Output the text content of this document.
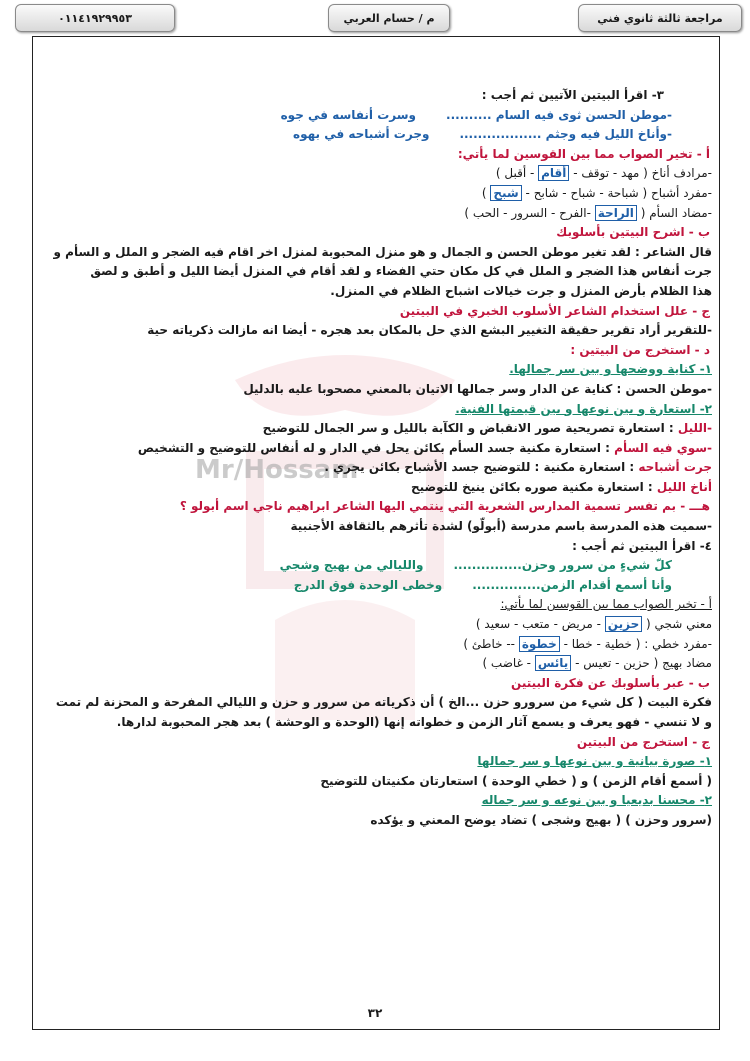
مراجعة ثالثة ثانوي فني
م / حسام العربي
٠١١٤١٩٢٩٩٥٣
Mr/Hossam
٣- اقرأ البيتين الآتيين ثم أجب :
-موطن الحسن ثوى فيه السام ..........وسرت أنفاسه في جوه
-وأناخ الليل فيه وجثم ..................وجرت أشباحه في بهوه
أ - تخير الصواب مما بين القوسين لما يأتي:
-مرادف أناخ ( مهد - توقف - أقام - أقبل )
-مفرد أشباح ( شباحة - شباح - شابح - شبح )
-مضاد السأم ( الراحة -الفرح - السرور - الحب )
ب - اشرح البيتين بأسلوبك
قال الشاعر : لقد تغير موطن الحسن و الجمال و هو منزل المحبوبة لمنزل اخر اقام فيه الضجر و الملل و السأم و
جرت أنفاس هذا الضجر و الملل في كل مكان حتي الفضاء و لقد أقام في المنزل أيضا الليل و أطبق و لصق
هذا الظلام بأرض المنزل و جرت خيالات اشباح الظلام في المنزل.
ج - علل استخدام الشاعر الأسلوب الخبري في البيتين
-للتقرير أراد تقرير حقيقة التغيير البشع الذي حل بالمكان بعد هجره - أيضا انه مازالت ذكرياته حية
د - استخرج من البيتين :
١- كناية ووضحها و بين سر جمالها.
-موطن الحسن : كناية عن الدار وسر جمالها الاتيان بالمعني مصحوبا عليه بالدليل
٢- استعارة و بين نوعها و بين قيمتها الفنية.
-الليل : استعارة تصريحية صور الانقباض و الكآبة بالليل و سر الجمال للتوضيح
-سوي فيه السأم : استعارة مكنية جسد السأم بكائن يحل في الدار و له أنفاس للتوضيح و التشخيص
جرت أشباحه : استعارة مكنية : للتوضيح جسد الأشباح بكائن يجري .
أناخ الليل : استعارة مكنية صوره بكائن ينيخ للتوضيح
هـــ - بم تفسر تسمية المدارس الشعرية التي ينتمي اليها الشاعر ابراهيم ناجي اسم أبولو ؟
-سميت هذه المدرسة باسم مدرسة (أبولّو) لشدة تأثرهم بالثقافة الأجنبية
٤- اقرأ البيتين ثم أجب :
كلّ شيءٍ من سرور وحزن...............والليالي من بهيج وشجي
وأنا أسمع أقدام الزمن...............وخطى الوحدة فوق الدرج
أ - تخير الصواب مما بين القوسين لما يأتي:
معني شجي ( حزين - مريض - متعب - سعيد )
-مفرد خطي : ( خطية - خطا - خطوة -- خاطئ )
مضاد بهيج ( حزين - تعيس - يائس - غاضب )
ب - عبر بأسلوبك عن فكرة البيتين
فكرة البيت ( كل شيء من سرورو حزن ...الخ ) أن ذكرياته من سرور و حزن و الليالي المفرحة و المحزنة لم تمت
و لا تنسي - فهو يعرف و يسمع آثار الزمن و خطواته إنها (الوحدة و الوحشة ) بعد هجر المحبوبة لدارها.
ج - استخرج من البيتين
١- صورة بيانية و بين نوعها و سر جمالها
( أسمع أقام الزمن ) و ( خطي الوحدة ) استعارتان مكنيتان للتوضيح
٢- محسنا بديعيا و بين نوعه و سر جماله
(سرور وحزن ) ( بهيج وشجى ) تضاد يوضح المعني و يؤكده
٣٢
